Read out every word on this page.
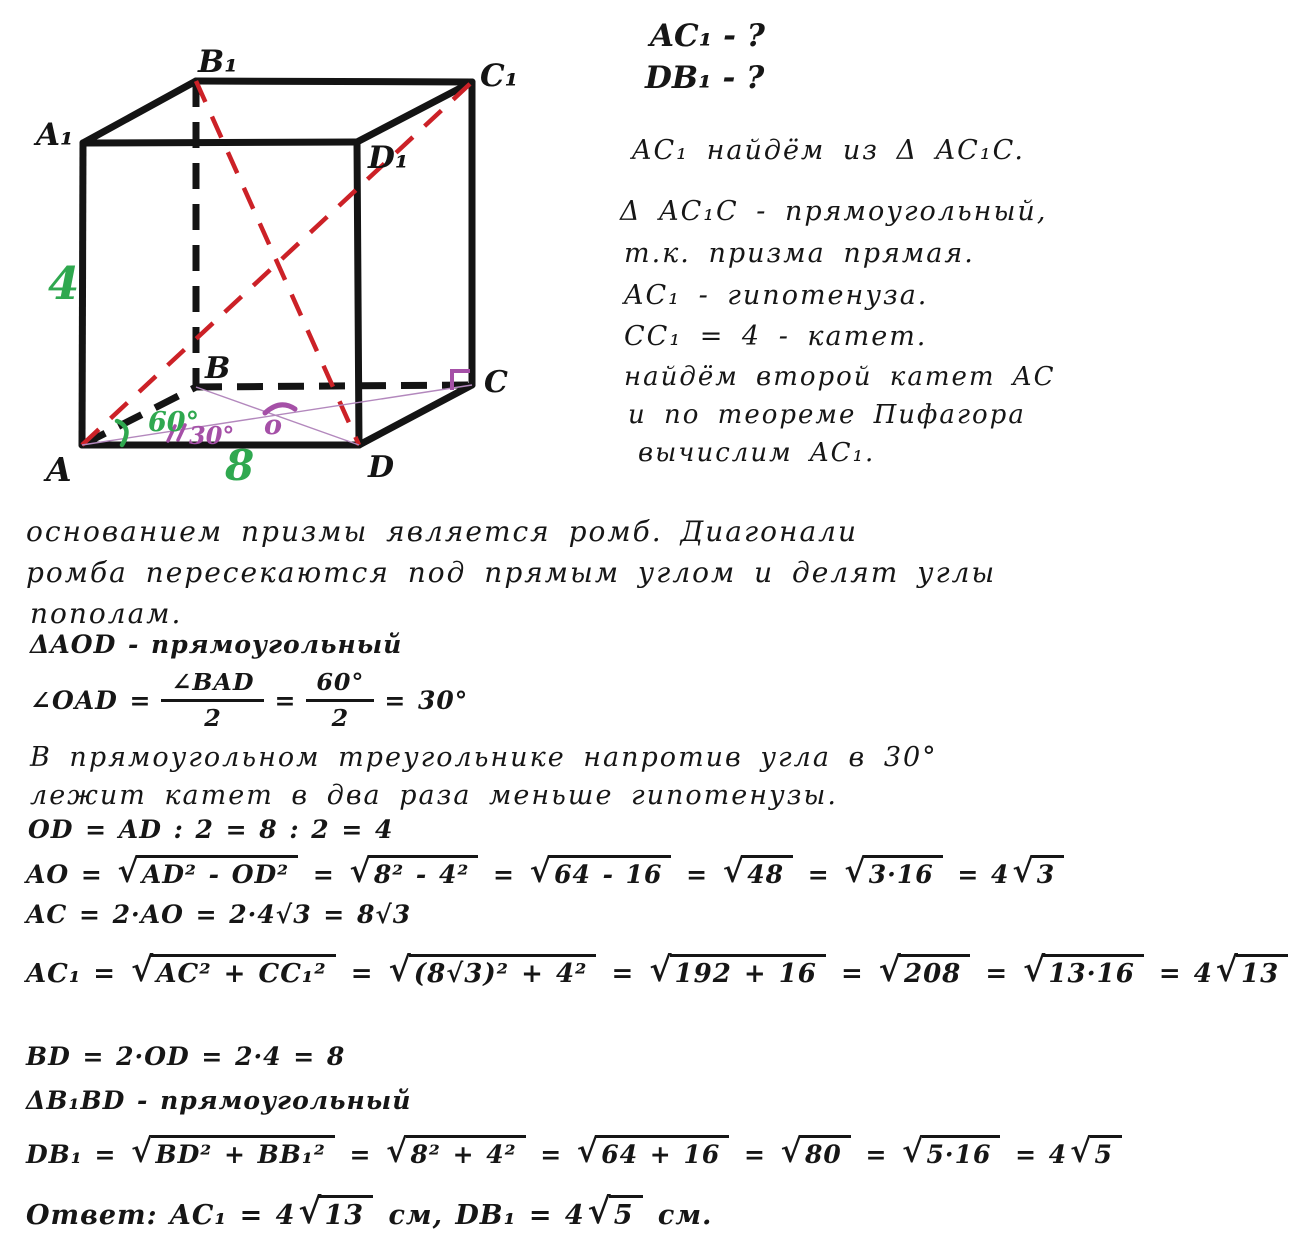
A₁
B₁	C₁
D₁
A
B	C
D
o
4
8
60°
30°
AC₁ - ?
DB₁ - ?
AC₁ найдём из Δ AC₁C.
Δ AC₁C - прямоугольный,
т.к. призма прямая.
AC₁ - гипотенуза.
CC₁ = 4 - катет.
найдём второй катет AC
и по теореме Пифагора
вычислим AC₁.
основанием призмы является ромб. Диагонали
ромба пересекаются под прямым углом и делят углы
пополам.
ΔAOD - прямоугольный
∠OAD = $\frac{\text{∠BAD}}{2} = \frac{60^\circ}{2} = 30^\circ$
В прямоугольном треугольнике напротив угла в 30°
лежит катет в два раза меньше гипотенузы.
OD = AD : 2 = 8 : 2 = 4
AO = √AD² - OD² = √8² - 4² = √64 - 16 = √48 = √3·16 = 4√3
AC = 2·AO = 2·4√3 = 8√3
AC₁ = √AC² + CC₁² = √(8√3)² + 4² = √192 + 16 = √208 = √13·16 = 4√13
BD = 2·OD = 2·4 = 8
ΔB₁BD - прямоугольный
DB₁ = √BD² + BB₁² = √8² + 4² = √64 + 16 = √80 = √5·16 = 4√5
Ответ: AC₁ = 4√13 см, DB₁ = 4√5 см.
